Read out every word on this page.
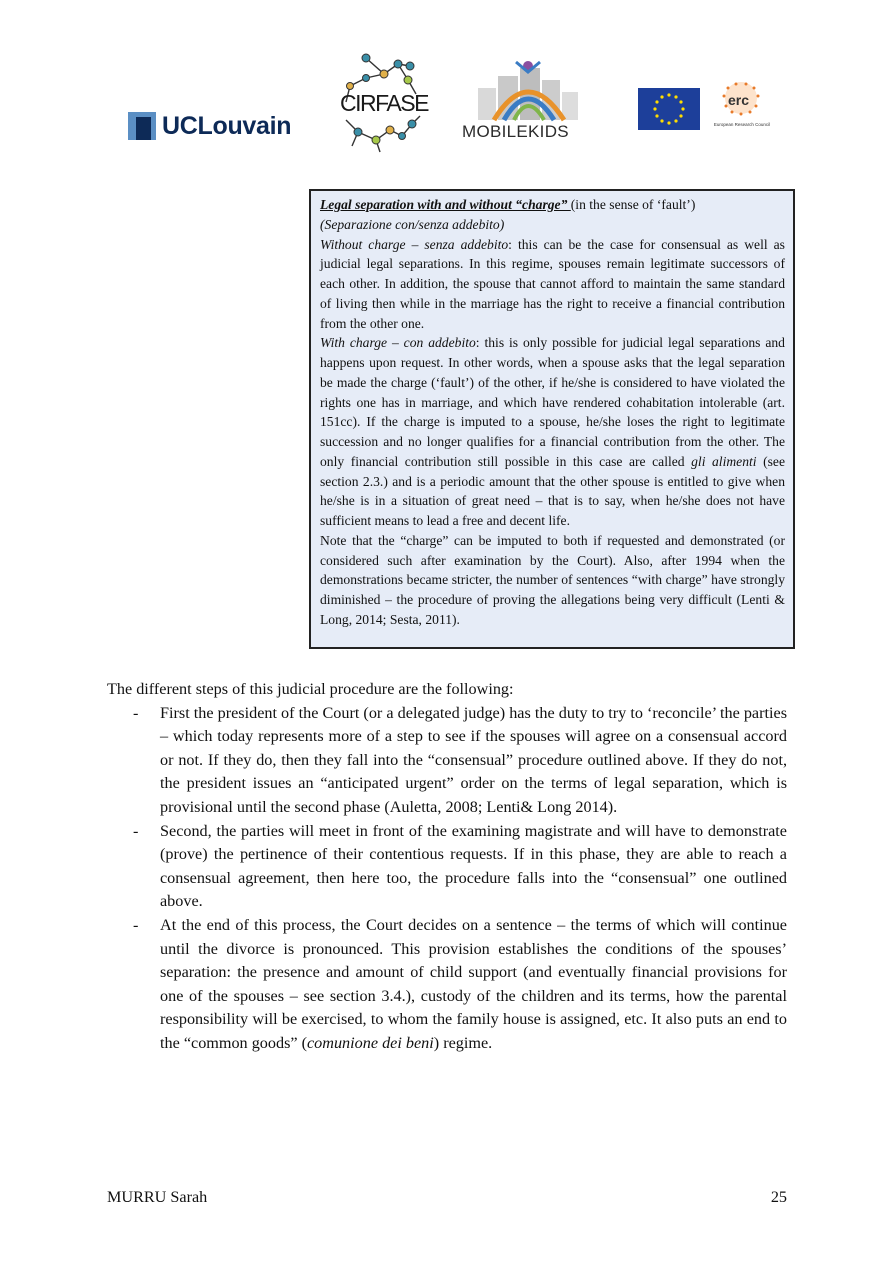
UCLouvain
CIRFASE
MOBILEKIDS
erc
European Research Council

Legal separation with and without “charge” (in the sense of ‘fault’)

(Separazione con/senza addebito)

Without charge – senza addebito: this can be the case for consensual as well as judicial legal separations. In this regime, spouses remain legitimate successors of each other. In addition, the spouse that cannot afford to maintain the same standard of living then while in the marriage has the right to receive a financial contribution from the other one.

With charge – con addebito: this is only possible for judicial legal separations and happens upon request. In other words, when a spouse asks that the legal separation be made the charge (‘fault’) of the other, if he/she is considered to have violated the rights one has in marriage, and which have rendered cohabitation intolerable (art. 151cc). If the charge is imputed to a spouse, he/she loses the right to legitimate succession and no longer qualifies for a financial contribution from the other. The only financial contribution still possible in this case are called gli alimenti (see section 2.3.) and is a periodic amount that the other spouse is entitled to give when he/she is in a situation of great need – that is to say, when he/she does not have sufficient means to lead a free and decent life.

Note that the “charge” can be imputed to both if requested and demonstrated (or considered such after examination by the Court). Also, after 1994 when the demonstrations became stricter, the number of sentences “with charge” have strongly diminished – the procedure of proving the allegations being very difficult (Lenti & Long, 2014; Sesta, 2011).

The different steps of this judicial procedure are the following:

- First the president of the Court (or a delegated judge) has the duty to try to ‘reconcile’ the parties – which today represents more of a step to see if the spouses will agree on a consensual accord or not. If they do, then they fall into the “consensual” procedure outlined above. If they do not, the president issues an “anticipated urgent” order on the terms of legal separation, which is provisional until the second phase (Auletta, 2008; Lenti& Long 2014).
- Second, the parties will meet in front of the examining magistrate and will have to demonstrate (prove) the pertinence of their contentious requests. If in this phase, they are able to reach a consensual agreement, then here too, the procedure falls into the “consensual” one outlined above.
- At the end of this process, the Court decides on a sentence – the terms of which will continue until the divorce is pronounced. This provision establishes the conditions of the spouses’ separation: the presence and amount of child support (and eventually financial provisions for one of the spouses – see section 3.4.), custody of the children and its terms, how the parental responsibility will be exercised, to whom the family house is assigned, etc. It also puts an end to the “common goods” (comunione dei beni) regime.
MURRU Sarah	25
